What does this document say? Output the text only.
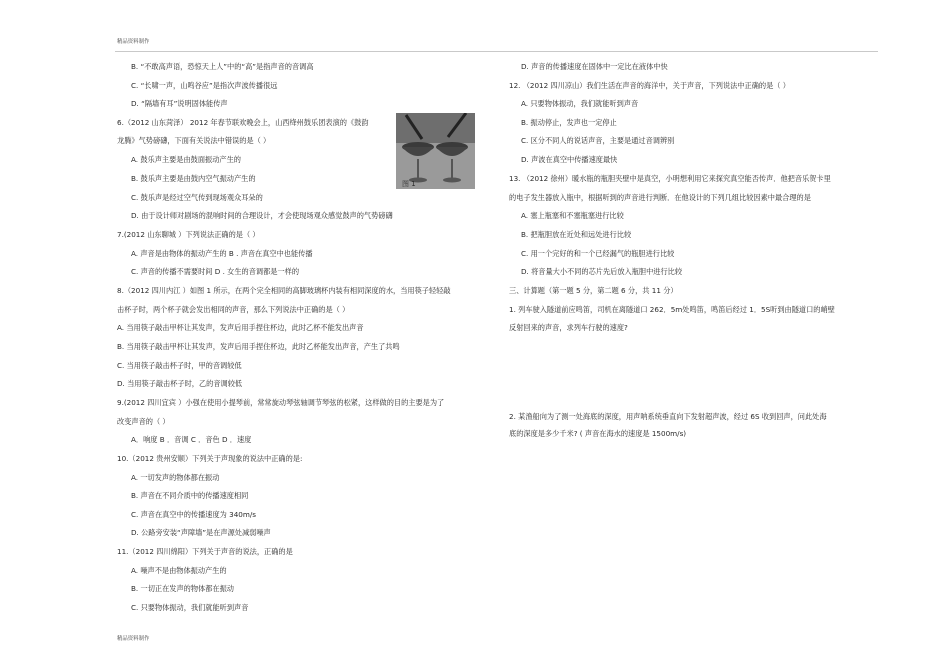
精品资料制作
B. “不敢高声语，恐惊天上人”中的“高”是指声音的音调高
C. “长啸一声，山鸣谷应”是指次声波传播很远
D. “隔墙有耳”说明固体能传声
6.（2012 山东菏泽） 2012 年春节联欢晚会上，山西绛州鼓乐团表演的《鼓韵
龙腾》气势磅礴，下面有关说法中错误的是（ ）
A. 鼓乐声主要是由鼓面振动产生的
B. 鼓乐声主要是由鼓内空气振动产生的
C. 鼓乐声是经过空气传到现场观众耳朵的
D. 由于设计师对剧场的混响时间的合理设计，才会使现场观众感觉鼓声的气势磅礴
7.(2012 山东聊城 ）下列说法正确的是（ ）
A. 声音是由物体的振动产生的 B . 声音在真空中也能传播
C. 声音的传播不需要时间 D . 女生的音调都是一样的
8.（2012 四川内江 ）如图 1 所示，在两个完全相同的高脚玻璃杯内装有相同深度的水，当用筷子轻轻敲
击杯子时，两个杯子就会发出相同的声音，那么下列说法中正确的是（ ）
A. 当用筷子敲击甲杯让其发声，发声后用手捏住杯边，此时乙杯不能发出声音
B. 当用筷子敲击甲杯让其发声，发声后用手捏住杯边，此时乙杯能发出声音，产生了共鸣
C. 当用筷子敲击杯子时，甲的音调较低
D. 当用筷子敲击杯子时，乙的音调较低
9.(2012 四川宜宾 ）小强在使用小提琴前，常常旋动琴弦轴调节琴弦的松紧，这样做的目的主要是为了
改变声音的（ ）
A．响度 B ．音调 C ．音色 D ．速度
10.（2012 贵州安顺）下列关于声现象的说法中正确的是:
A. 一切发声的物体都在振动
B. 声音在不同介质中的传播速度相同
C. 声音在真空中的传播速度为 340m/s
D. 公路旁安装“声障墙”是在声源处减弱噪声
11.（2012 四川绵阳）下列关于声音的说法，正确的是
A. 噪声不是由物体振动产生的
B. 一切正在发声的物体都在振动
C. 只要物体振动，我们就能听到声音
D. 声音的传播速度在固体中一定比在液体中快
12. （2012 四川凉山）我们生活在声音的海洋中，关于声音，下列说法中正确的是（ ）
A. 只要物体振动，我们就能听到声音
B. 振动停止，发声也一定停止
C. 区分不同人的说话声音，主要是通过音调辨别
D. 声波在真空中传播速度最快
13. （2012 徐州）暖水瓶的瓶胆夹壁中是真空，小明想利用它来探究真空能否传声．他把音乐贺卡里
的电子发生器放入瓶中，根据听到的声音进行判断．在他设计的下列几组比较因素中最合理的是
A. 塞上瓶塞和不塞瓶塞进行比较
B. 把瓶胆放在近处和远处进行比较
C. 用一个完好的和一个已经漏气的瓶胆进行比较
D. 将音量大小不同的芯片先后放入瓶胆中进行比较
三、计算题（第一题 5 分，第二题 6 分，共 11 分）
1. 列车驶入隧道前应鸣笛，司机在离隧道口 262．5m处鸣笛，鸣笛后经过 1．5S听到由隧道口的峭壁
反射回来的声音，求列车行驶的速度?
2. 某渔船向为了测一处海底的深度，用声呐系统垂直向下发射超声波，经过 6S 收到回声，问此处海
底的深度是多少千米? ( 声音在海水的速度是 1500m/s)
图 1
精品资料制作
